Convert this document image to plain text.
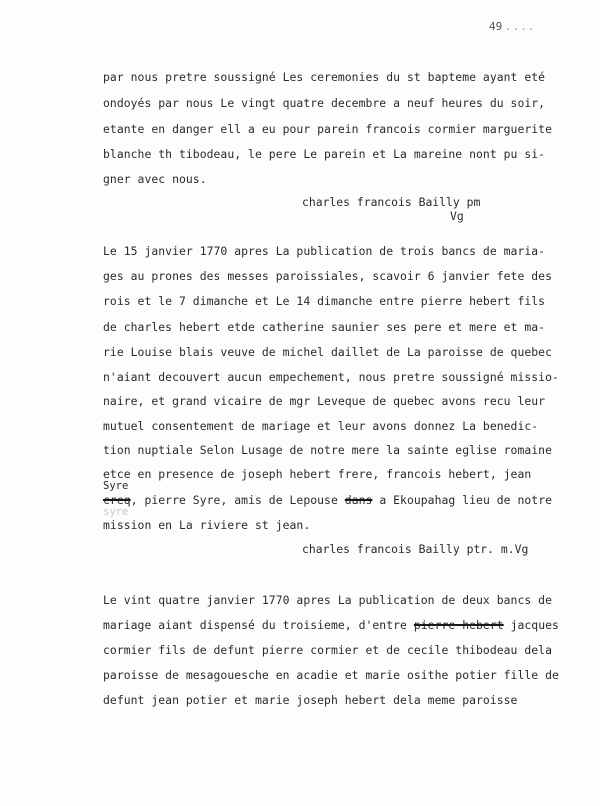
49 ....
par nous pretre soussigné Les ceremonies du st bapteme ayant eté
ondoyés par nous Le vingt quatre decembre a neuf heures du soir,
etante en danger ell a eu pour parein francois cormier marguerite
blanche th tibodeau, le pere Le parein et La mareine nont pu si-
gner avec nous.
charles francois Bailly pm
Vg
Le 15 janvier 1770 apres La publication de trois bancs de maria-
ges au prones des messes paroissiales, scavoir 6 janvier fete des
rois et le 7 dimanche et Le 14 dimanche entre pierre hebert fils
de charles hebert etde catherine saunier ses pere et mere et ma-
rie Louise blais veuve de michel daillet de La paroisse de quebec
n'aiant decouvert aucun empechement, nous pretre soussigné missio-
naire, et grand vicaire de mgr Leveque de quebec avons recu leur
mutuel consentement de mariage et leur avons donnez La benedic-
tion nuptiale Selon Lusage de notre mere la sainte eglise romaine
etce en presence de joseph hebert frere, francois hebert, jean
Syre
creq, pierre Syre, amis de Lepouse dans a Ekoupahag lieu de notre
syre
mission en La riviere st jean.
charles francois Bailly ptr. m.Vg
Le vint quatre janvier 1770 apres La publication de deux bancs de
mariage aiant dispensé du troisieme, d'entre pierre hebert jacques
cormier fils de defunt pierre cormier et de cecile thibodeau dela
paroisse de mesagouesche en acadie et marie osithe potier fille de
defunt jean potier et marie joseph hebert dela meme paroisse
